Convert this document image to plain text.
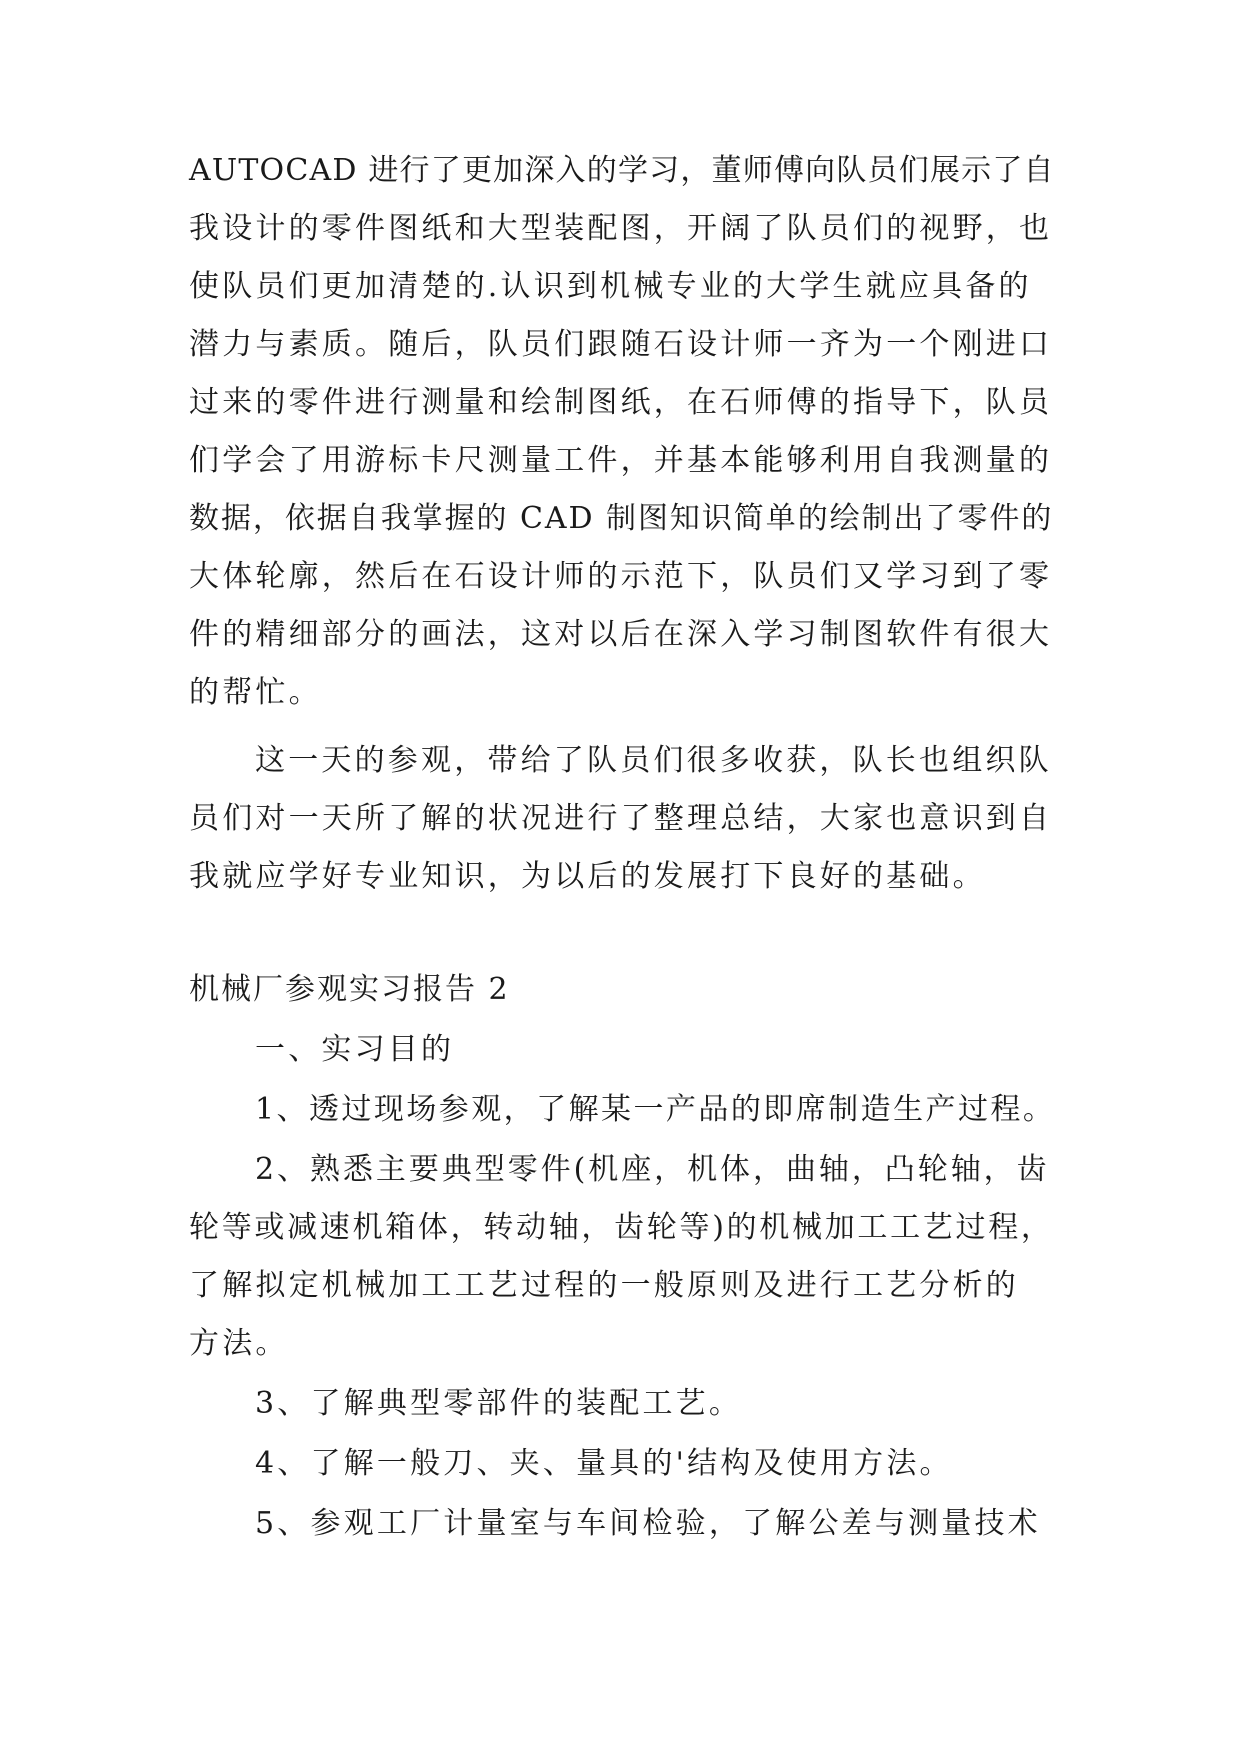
AUTOCAD 进行了更加深入的学习，董师傅向队员们展示了自

我设计的零件图纸和大型装配图，开阔了队员们的视野，也

使队员们更加清楚的.认识到机械专业的大学生就应具备的

潜力与素质。随后，队员们跟随石设计师一齐为一个刚进口

过来的零件进行测量和绘制图纸，在石师傅的指导下，队员

们学会了用游标卡尺测量工件，并基本能够利用自我测量的

数据，依据自我掌握的 CAD 制图知识简单的绘制出了零件的

大体轮廓，然后在石设计师的示范下，队员们又学习到了零

件的精细部分的画法，这对以后在深入学习制图软件有很大

的帮忙。

这一天的参观，带给了队员们很多收获，队长也组织队

员们对一天所了解的状况进行了整理总结，大家也意识到自

我就应学好专业知识，为以后的发展打下良好的基础。

机械厂参观实习报告 2

一、实习目的

1、透过现场参观，了解某一产品的即席制造生产过程。

2、熟悉主要典型零件(机座，机体，曲轴，凸轮轴，齿

轮等或减速机箱体，转动轴，齿轮等)的机械加工工艺过程，

了解拟定机械加工工艺过程的一般原则及进行工艺分析的

方法。

3、了解典型零部件的装配工艺。

4、了解一般刀、夹、量具的'结构及使用方法。

5、参观工厂计量室与车间检验，了解公差与测量技术
